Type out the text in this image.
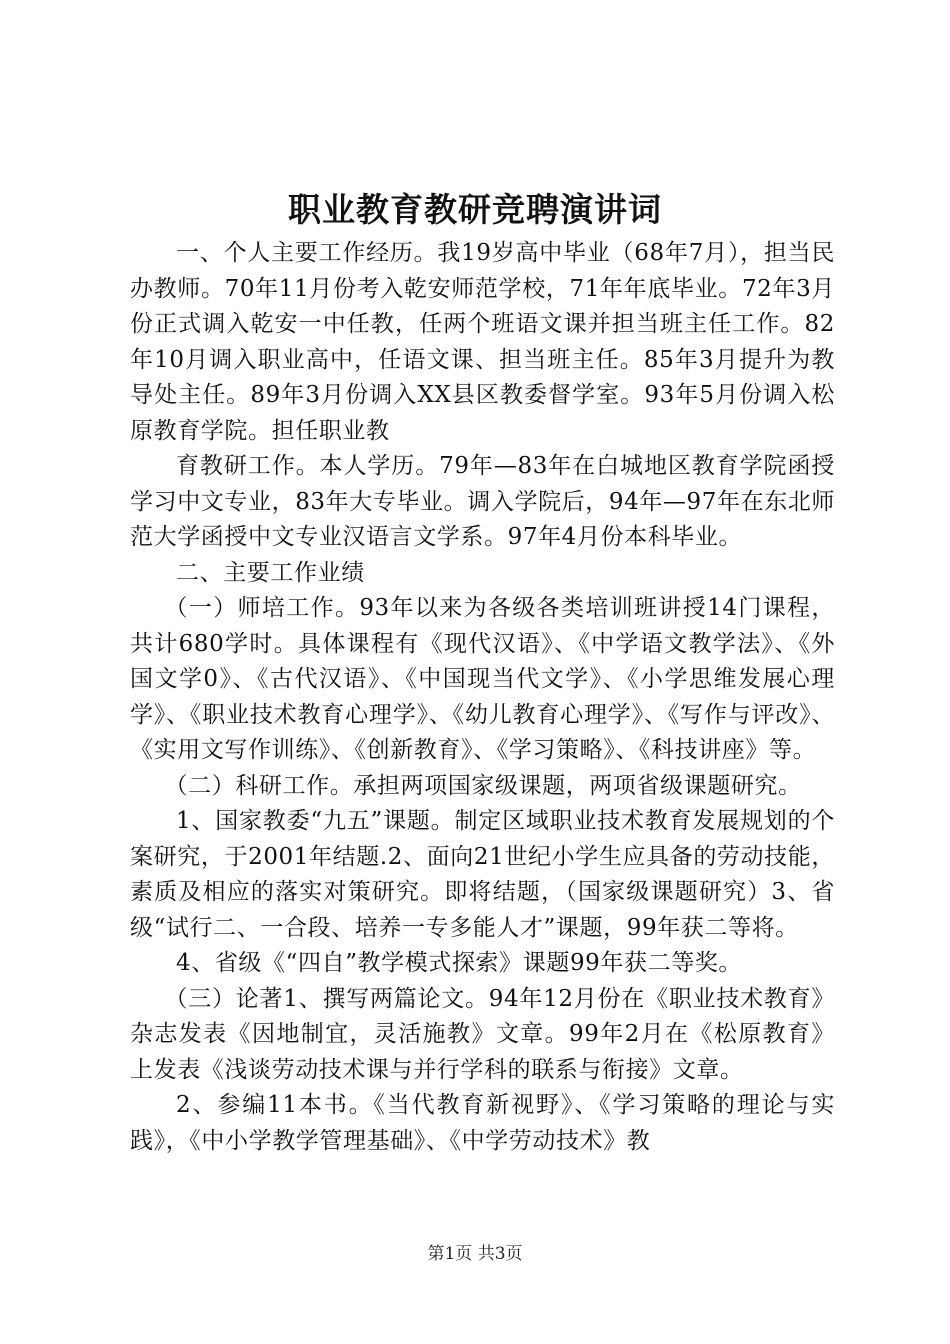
职业教育教研竞聘演讲词

一、个人主要工作经历。我19岁高中毕业（68年7月），担当民办教师。70年11月份考入乾安师范学校，71年年底毕业。72年3月份正式调入乾安一中任教，任两个班语文课并担当班主任工作。82年10月调入职业高中，任语文课、担当班主任。85年3月提升为教导处主任。89年3月份调入XX县区教委督学室。93年5月份调入松原教育学院。担任职业教

育教研工作。本人学历。79年—83年在白城地区教育学院函授学习中文专业，83年大专毕业。调入学院后，94年—97年在东北师范大学函授中文专业汉语言文学系。97年4月份本科毕业。

二、主要工作业绩

（一）师培工作。93年以来为各级各类培训班讲授14门课程，共计680学时。具体课程有《现代汉语》、《中学语文教学法》、《外国文学0》、《古代汉语》、《中国现当代文学》、《小学思维发展心理学》、《职业技术教育心理学》、《幼儿教育心理学》、《写作与评改》、《实用文写作训练》、《创新教育》、《学习策略》、《科技讲座》等。

（二）科研工作。承担两项国家级课题，两项省级课题研究。

1、国家教委“九五”课题。制定区域职业技术教育发展规划的个案研究，于2001年结题.2、面向21世纪小学生应具备的劳动技能，素质及相应的落实对策研究。即将结题，（国家级课题研究）3、省级“试行二、一合段、培养一专多能人才”课题，99年获二等将。

4、省级《“四自”教学模式探索》课题99年获二等奖。

（三）论著1、撰写两篇论文。94年12月份在《职业技术教育》杂志发表《因地制宜，灵活施教》文章。99年2月在《松原教育》上发表《浅谈劳动技术课与并行学科的联系与衔接》文章。

2、参编11本书。《当代教育新视野》、《学习策略的理论与实践》，《中小学教学管理基础》、《中学劳动技术》教

第1页 共3页
